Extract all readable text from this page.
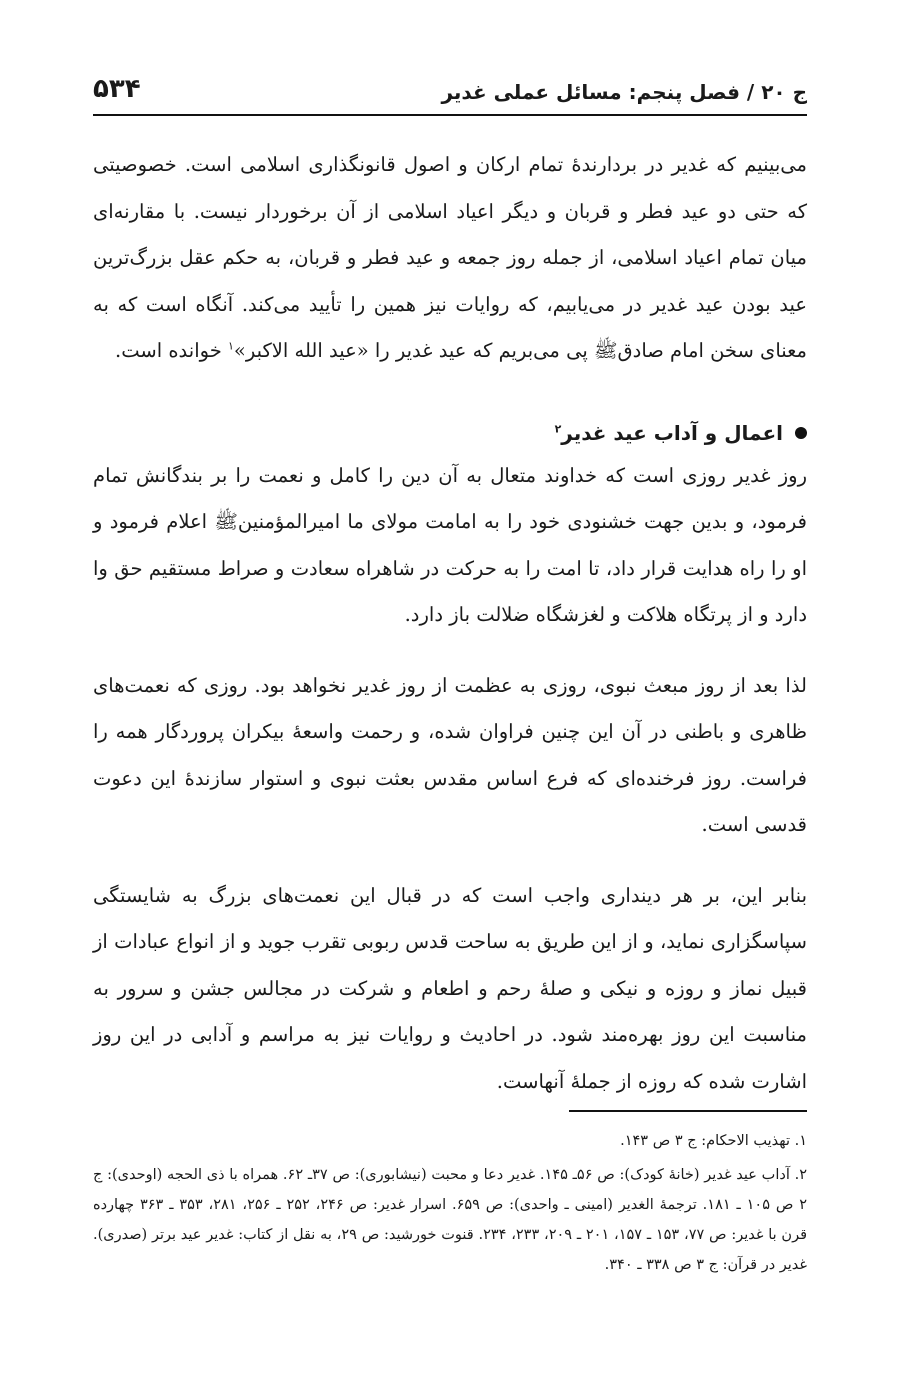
۵۳۴	ج ۲۰ / فصل پنجم: مسائل عملی غدیر

می‌بینیم که غدیر در بردارندهٔ تمام ارکان و اصول قانونگذاری اسلامی است. خصوصیتی که حتی دو عید فطر و قربان و دیگر اعیاد اسلامی از آن برخوردار نیست. با مقارنه‌ای میان تمام اعیاد اسلامی، از جمله روز جمعه و عید فطر و قربان، به حکم عقل بزرگ‌ترین عید بودن عید غدیر در می‌یابیم، که روایات نیز همین را تأیید می‌کند. آنگاه است که به معنای سخن امام صادق‌ﷺ پی می‌بریم که عید غدیر را «عید الله الاکبر»$^۱$ خوانده است.

اعمال و آداب عید غدیر$^۲$

روز غدیر روزی است که خداوند متعال به آن دین را کامل و نعمت را بر بندگانش تمام فرمود، و بدین جهت خشنودی خود را به امامت مولای ما امیرالمؤمنین‌ﷺ اعلام فرمود و او را راه هدایت قرار داد، تا امت را به حرکت در شاهراه سعادت و صراط مستقیم حق وا دارد و از پرتگاه هلاکت و لغزشگاه ضلالت باز دارد.

لذا بعد از روز مبعث نبوی، روزی به عظمت از روز غدیر نخواهد بود. روزی که نعمت‌های ظاهری و باطنی در آن این چنین فراوان شده، و رحمت واسعهٔ بیکران پروردگار همه را فراست. روز فرخنده‌ای که فرع اساس مقدس بعثت نبوی و استوار سازندهٔ این دعوت قدسی است.

بنابر این، بر هر دینداری واجب است که در قبال این نعمت‌های بزرگ به شایستگی سپاسگزاری نماید، و از این طریق به ساحت قدس ربوبی تقرب جوید و از انواع عبادات از قبیل نماز و روزه و نیکی و صلهٔ رحم و اطعام و شرکت در مجالس جشن و سرور به مناسبت این روز بهره‌مند شود. در احادیث و روایات نیز به مراسم و آدابی در این روز اشارت شده که روزه از جملهٔ آنهاست.

۱. تهذیب الاحکام: ج ۳ ص ۱۴۳.

۲. آداب عید غدیر (خانهٔ کودک): ص ۵۶ـ ۱۴۵. غدیر دعا و محبت (نیشابوری): ص ۳۷ـ ۶۲. همراه با ذی الحجه (اوحدی): ج ۲ ص ۱۰۵ ـ ۱۸۱. ترجمهٔ الغدیر (امینی ـ واحدی): ص ۶۵۹. اسرار غدیر: ص ۲۴۶، ۲۵۲ ـ ۲۵۶، ۲۸۱، ۳۵۳ ـ ۳۶۳ چهارده قرن با غدیر: ص ۷۷، ۱۵۳ ـ ۱۵۷، ۲۰۱ ـ ۲۰۹، ۲۳۳، ۲۳۴. قنوت خورشید: ص ۲۹، به نقل از کتاب: غدیر عید برتر (صدری). غدیر در قرآن: ج ۳ ص ۳۳۸ ـ ۳۴۰.
